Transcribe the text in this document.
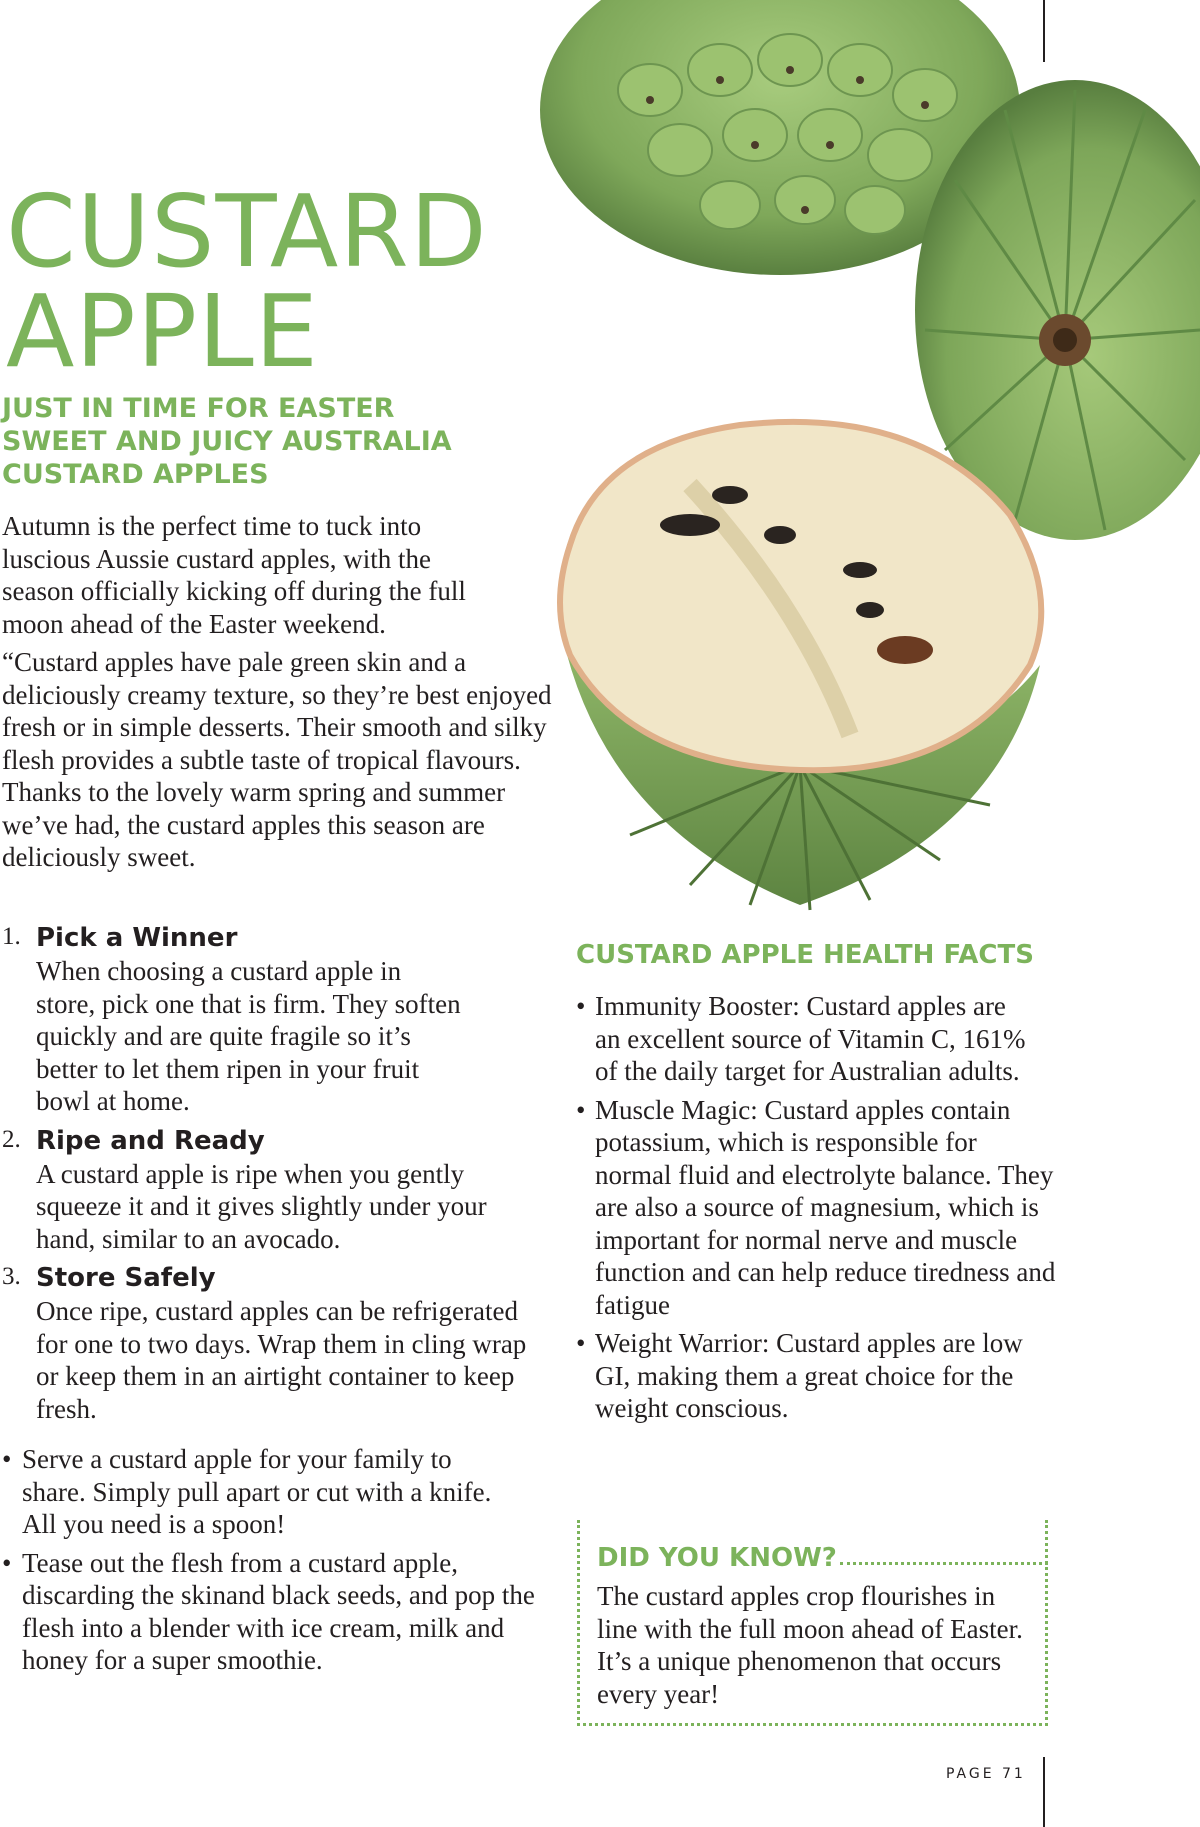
CUSTARD
APPLE
JUST IN TIME FOR EASTER
SWEET AND JUICY AUSTRALIA
CUSTARD APPLES

Autumn is the perfect time to tuck into luscious Aussie custard apples, with the season officially kicking off during the full moon ahead of the Easter weekend.

“Custard apples have pale green skin and a deliciously creamy texture, so they’re best enjoyed fresh or in simple desserts. Their smooth and silky flesh provides a subtle taste of tropical flavours. Thanks to the lovely warm spring and summer we’ve had, the custard apples this season are deliciously sweet.

1. Pick a Winner
When choosing a custard apple in store, pick one that is firm. They soften quickly and are quite fragile so it’s better to let them ripen in your fruit bowl at home.
2. Ripe and Ready
A custard apple is ripe when you gently squeeze it and it gives slightly under your hand, similar to an avocado.
3. Store Safely
Once ripe, custard apples can be refrigerated for one to two days. Wrap them in cling wrap or keep them in an airtight container to keep fresh.
• Serve a custard apple for your family to share. Simply pull apart or cut with a knife. All you need is a spoon!
• Tease out the flesh from a custard apple, discarding the skinand black seeds, and pop the flesh into a blender with ice cream, milk and honey for a super smoothie.
CUSTARD APPLE HEALTH FACTS
• Immunity Booster: Custard apples are an excellent source of Vitamin C, 161% of the daily target for Australian adults.
• Muscle Magic: Custard apples contain potassium, which is responsible for normal fluid and electrolyte balance. They are also a source of magnesium, which is important for normal nerve and muscle function and can help reduce tiredness and fatigue
• Weight Warrior: Custard apples are low GI, making them a great choice for the weight conscious.
DID YOU KNOW?

The custard apples crop flourishes in line with the full moon ahead of Easter. It’s a unique phenomenon that occurs every year!

PAGE 71
